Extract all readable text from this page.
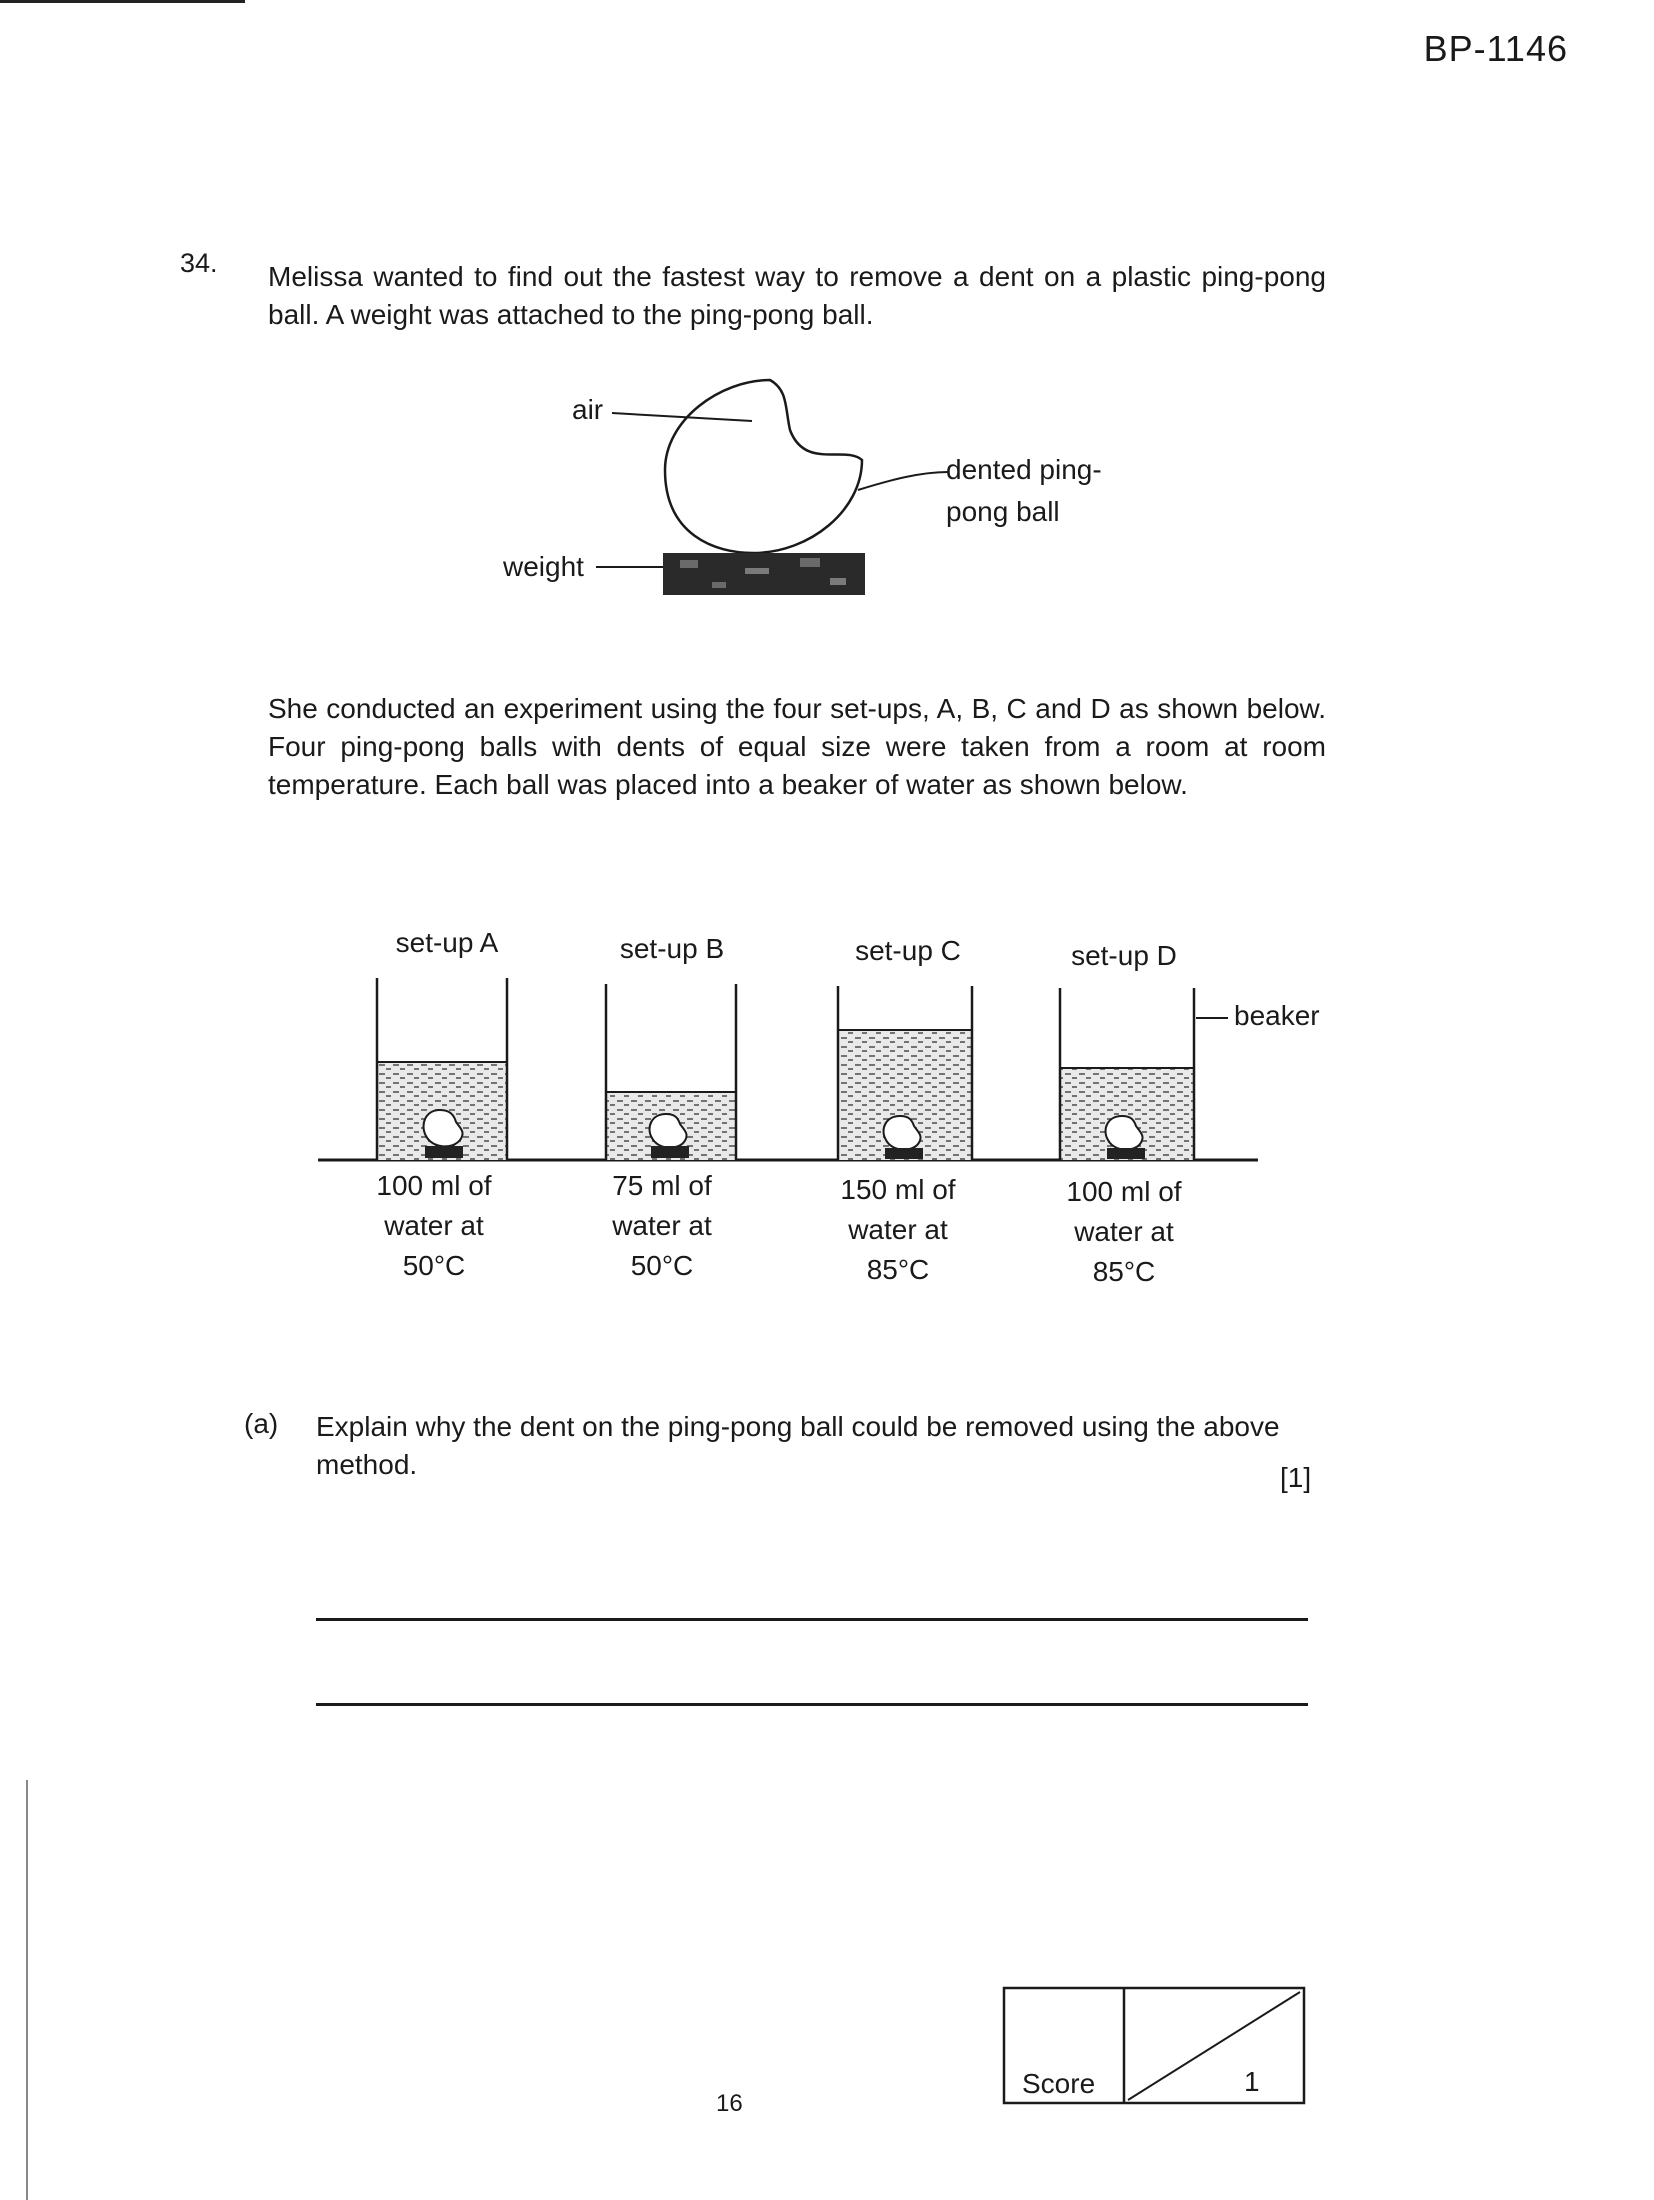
BP-1146
34. Melissa wanted to find out the fastest way to remove a dent on a plastic ping-pong ball. A weight was attached to the ping-pong ball.
air
weight
dented ping-
pong ball
She conducted an experiment using the four set-ups, A, B, C and D as shown below. Four ping-pong balls with dents of equal size were taken from a room at room temperature. Each ball was placed into a beaker of water as shown below.
set-up A	set-up B	set-up C	set-up D
beaker
100 ml of
water at
50°C
75 ml of
water at
50°C
150 ml of
water at
85°C
100 ml of
water at
85°C
(a) Explain why the dent on the ping-pong ball could be removed using the above method.	[1]
Score	1
16
